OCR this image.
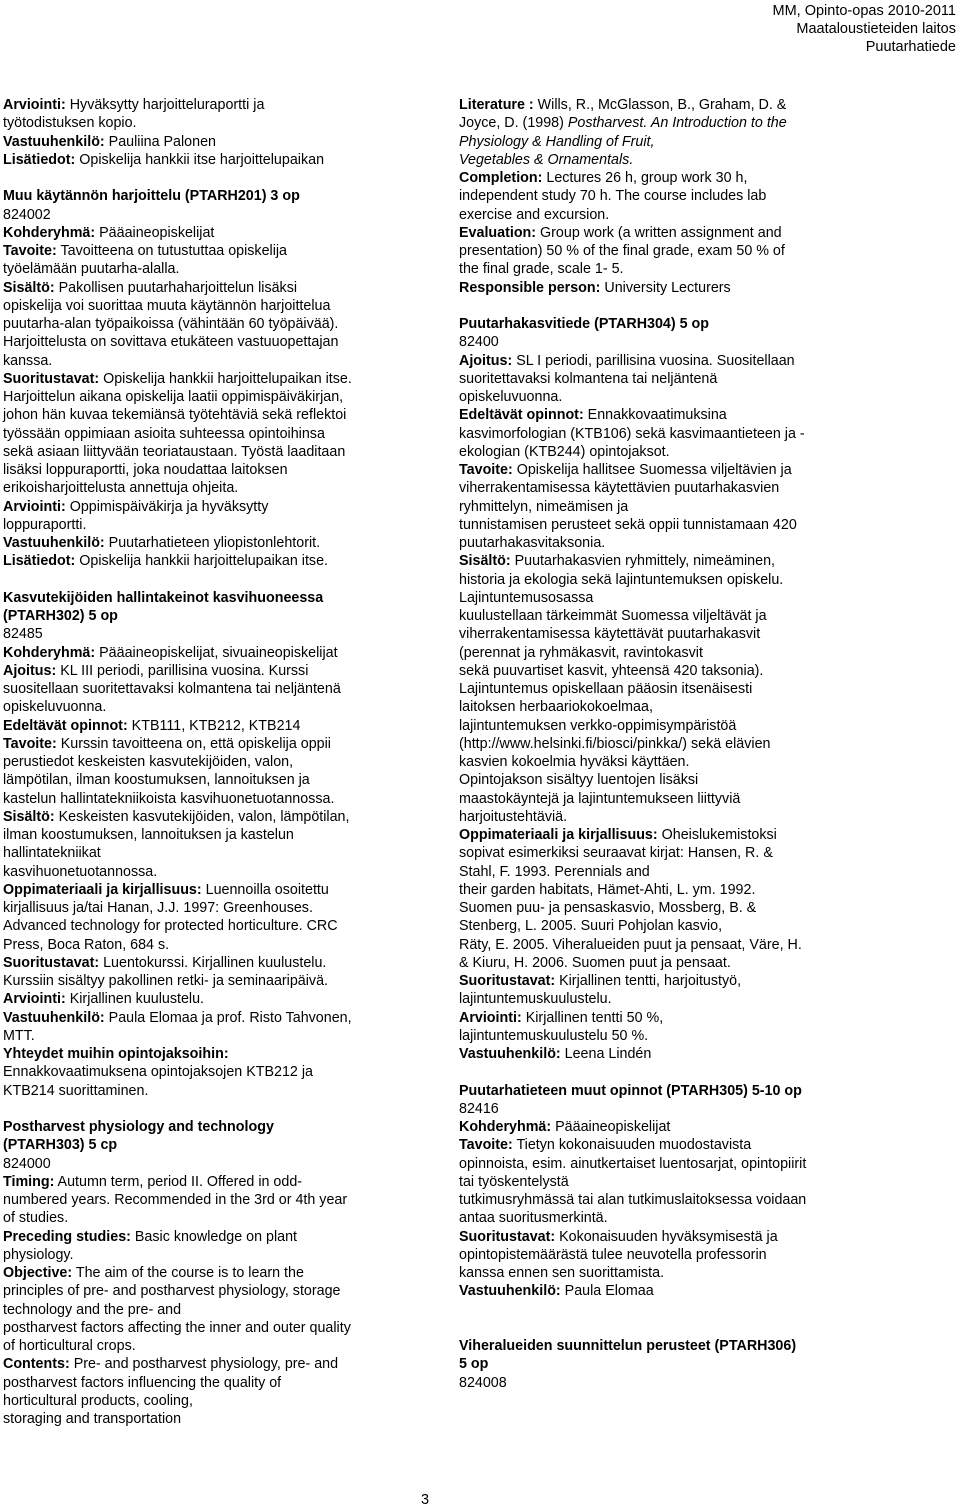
MM, Opinto-opas 2010-2011
Maataloustieteiden laitos
Puutarhatiede
Arviointi: Hyväksytty harjoitteluraportti ja
työtodistuksen kopio.
Vastuuhenkilö: Pauliina Palonen
Lisätiedot: Opiskelija hankkii itse harjoittelupaikan
Muu käytännön harjoittelu (PTARH201) 3 op
824002
Kohderyhmä: Pääaineopiskelijat
Tavoite: Tavoitteena on tutustuttaa opiskelija
työelämään puutarha-alalla.
Sisältö: Pakollisen puutarhaharjoittelun lisäksi
opiskelija voi suorittaa muuta käytännön harjoittelua
puutarha-alan työpaikoissa (vähintään 60 työpäivää).
Harjoittelusta on sovittava etukäteen vastuuopettajan
kanssa.
Suoritustavat: Opiskelija hankkii harjoittelupaikan itse.
Harjoittelun aikana opiskelija laatii oppimispäiväkirjan,
johon hän kuvaa tekemiänsä työtehtäviä sekä reflektoi
työssään oppimiaan asioita suhteessa opintoihinsa
sekä asiaan liittyvään teoriataustaan. Työstä laaditaan
lisäksi loppuraportti, joka noudattaa laitoksen
erikoisharjoittelusta annettuja ohjeita.
Arviointi: Oppimispäiväkirja ja hyväksytty
loppuraportti.
Vastuuhenkilö: Puutarhatieteen yliopistonlehtorit.
Lisätiedot: Opiskelija hankkii harjoittelupaikan itse.
Kasvutekijöiden hallintakeinot kasvihuoneessa
(PTARH302) 5 op
82485
Kohderyhmä: Pääaineopiskelijat, sivuaineopiskelijat
Ajoitus: KL III periodi, parillisina vuosina. Kurssi
suositellaan suoritettavaksi kolmantena tai neljäntenä
opiskeluvuonna.
Edeltävät opinnot: KTB111, KTB212, KTB214
Tavoite: Kurssin tavoitteena on, että opiskelija oppii
perustiedot keskeisten kasvutekijöiden, valon,
lämpötilan, ilman koostumuksen, lannoituksen ja
kastelun hallintatekniikoista kasvihuonetuotannossa.
Sisältö: Keskeisten kasvutekijöiden, valon, lämpötilan,
ilman koostumuksen, lannoituksen ja kastelun
hallintatekniikat
kasvihuonetuotannossa.
Oppimateriaali ja kirjallisuus: Luennoilla osoitettu
kirjallisuus ja/tai Hanan, J.J. 1997: Greenhouses.
Advanced technology for protected horticulture. CRC
Press, Boca Raton, 684 s.
Suoritustavat: Luentokurssi. Kirjallinen kuulustelu.
Kurssiin sisältyy pakollinen retki- ja seminaaripäivä.
Arviointi: Kirjallinen kuulustelu.
Vastuuhenkilö: Paula Elomaa ja prof. Risto Tahvonen,
MTT.
Yhteydet muihin opintojaksoihin:
Ennakkovaatimuksena opintojaksojen KTB212 ja
KTB214 suorittaminen.
Postharvest physiology and technology
(PTARH303) 5 cp
824000
Timing: Autumn term, period II. Offered in odd-
numbered years. Recommended in the 3rd or 4th year
of studies.
Preceding studies: Basic knowledge on plant
physiology.
Objective: The aim of the course is to learn the
principles of pre- and postharvest physiology, storage
technology and the pre- and
postharvest factors affecting the inner and outer quality
of horticultural crops.
Contents: Pre- and postharvest physiology, pre- and
postharvest factors influencing the quality of
horticultural products, cooling,
storaging and transportation
Literature : Wills, R., McGlasson, B., Graham, D. &
Joyce, D. (1998) Postharvest. An Introduction to the
Physiology & Handling of Fruit,
Vegetables & Ornamentals.
Completion: Lectures 26 h, group work 30 h,
independent study 70 h. The course includes lab
exercise and excursion.
Evaluation: Group work (a written assignment and
presentation) 50 % of the final grade, exam 50 % of
the final grade, scale 1- 5.
Responsible person: University Lecturers
Puutarhakasvitiede (PTARH304) 5 op
82400
Ajoitus: SL I periodi, parillisina vuosina. Suositellaan
suoritettavaksi kolmantena tai neljäntenä
opiskeluvuonna.
Edeltävät opinnot: Ennakkovaatimuksina
kasvimorfologian (KTB106) sekä kasvimaantieteen ja -
ekologian (KTB244) opintojaksot.
Tavoite: Opiskelija hallitsee Suomessa viljeltävien ja
viherrakentamisessa käytettävien puutarhakasvien
ryhmittelyn, nimeämisen ja
tunnistamisen perusteet sekä oppii tunnistamaan 420
puutarhakasvitaksonia.
Sisältö: Puutarhakasvien ryhmittely, nimeäminen,
historia ja ekologia sekä lajintuntemuksen opiskelu.
Lajintuntemusosassa
kuulustellaan tärkeimmät Suomessa viljeltävät ja
viherrakentamisessa käytettävät puutarhakasvit
(perennat ja ryhmäkasvit, ravintokasvit
sekä puuvartiset kasvit, yhteensä 420 taksonia).
Lajintuntemus opiskellaan pääosin itsenäisesti
laitoksen herbaariokokoelmaa,
lajintuntemuksen verkko-oppimisympäristöä
(http://www.helsinki.fi/biosci/pinkka/) sekä elävien
kasvien kokoelmia hyväksi käyttäen.
Opintojakson sisältyy luentojen lisäksi
maastokäyntejä ja lajintuntemukseen liittyviä
harjoitustehtäviä.
Oppimateriaali ja kirjallisuus: Oheislukemistoksi
sopivat esimerkiksi seuraavat kirjat: Hansen, R. &
Stahl, F. 1993. Perennials and
their garden habitats, Hämet-Ahti, L. ym. 1992.
Suomen puu- ja pensaskasvio, Mossberg, B. &
Stenberg, L. 2005. Suuri Pohjolan kasvio,
Räty, E. 2005. Viheralueiden puut ja pensaat, Väre, H.
& Kiuru, H. 2006. Suomen puut ja pensaat.
Suoritustavat: Kirjallinen tentti, harjoitustyö,
lajintuntemuskuulustelu.
Arviointi: Kirjallinen tentti 50 %,
lajintuntemuskuulustelu 50 %.
Vastuuhenkilö: Leena Lindén
Puutarhatieteen muut opinnot (PTARH305) 5-10 op
82416
Kohderyhmä: Pääaineopiskelijat
Tavoite: Tietyn kokonaisuuden muodostavista
opinnoista, esim. ainutkertaiset luentosarjat, opintopiirit
tai työskentelystä
tutkimusryhmässä tai alan tutkimuslaitoksessa voidaan
antaa suoritusmerkintä.
Suoritustavat: Kokonaisuuden hyväksymisestä ja
opintopistemäärästä tulee neuvotella professorin
kanssa ennen sen suorittamista.
Vastuuhenkilö: Paula Elomaa
Viheralueiden suunnittelun perusteet (PTARH306)
5 op
824008
3
